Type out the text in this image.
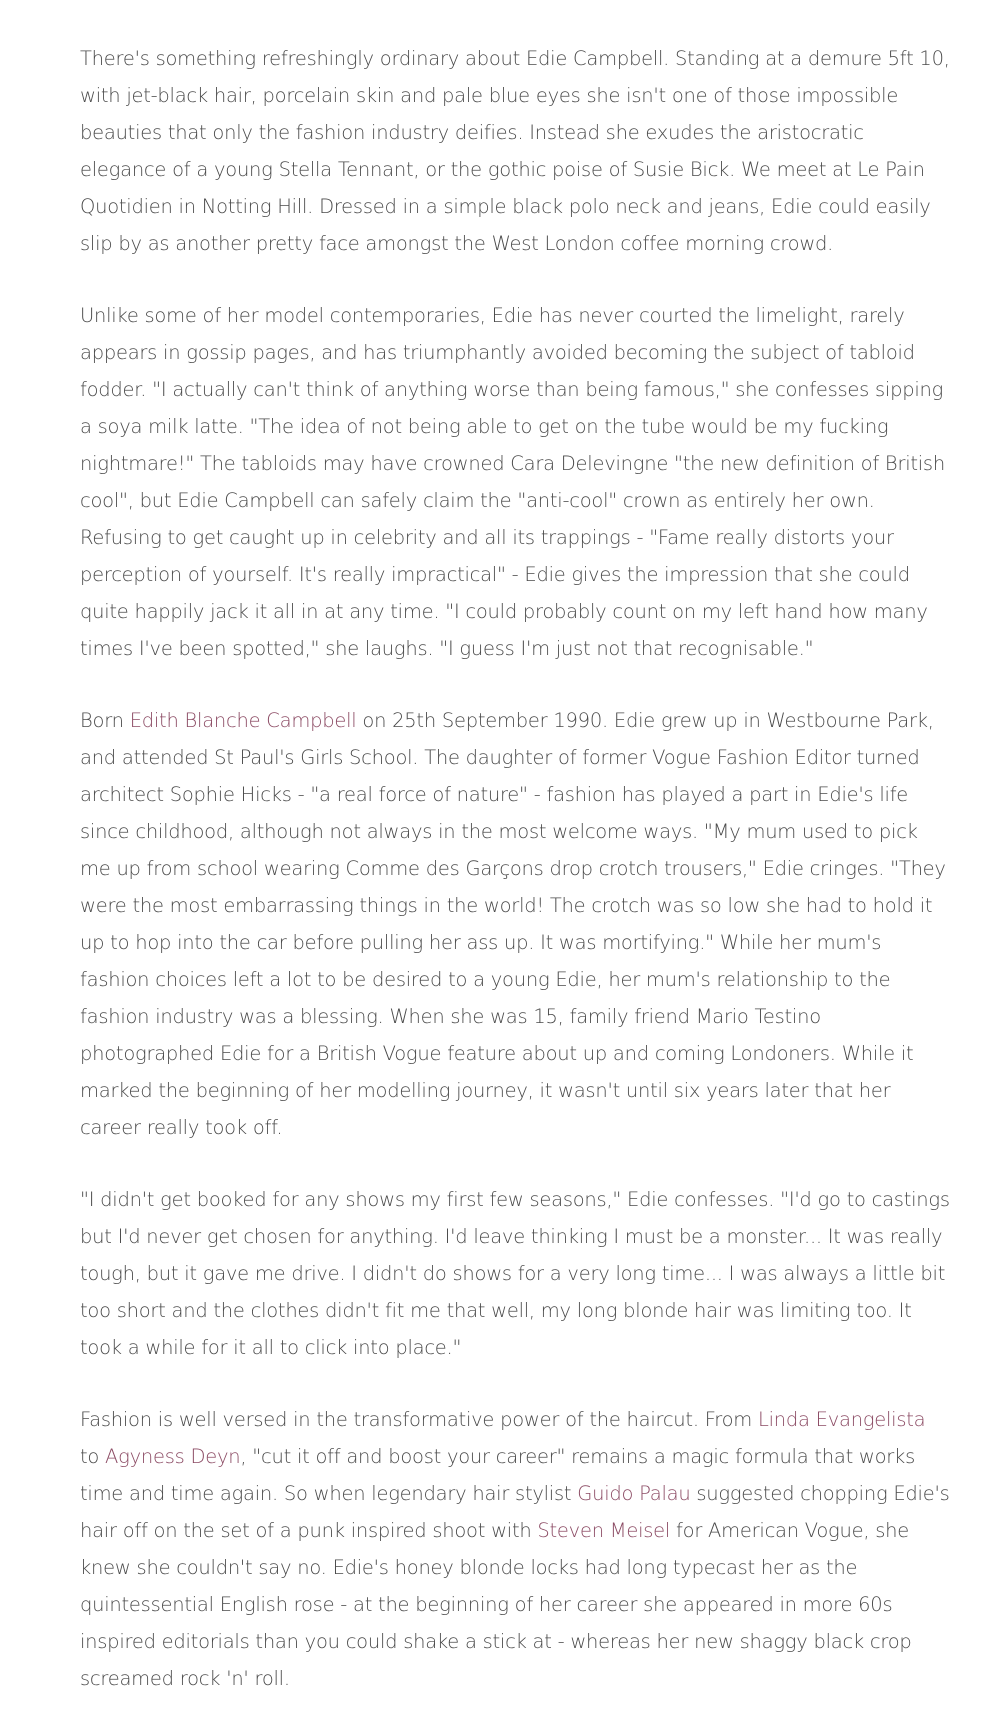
There's something refreshingly ordinary about Edie Campbell. Standing at a demure 5ft 10, with jet-black hair, porcelain skin and pale blue eyes she isn't one of those impossible beauties that only the fashion industry deifies. Instead she exudes the aristocratic elegance of a young Stella Tennant, or the gothic poise of Susie Bick. We meet at Le Pain Quotidien in Notting Hill. Dressed in a simple black polo neck and jeans, Edie could easily slip by as another pretty face amongst the West London coffee morning crowd.

Unlike some of her model contemporaries, Edie has never courted the limelight, rarely appears in gossip pages, and has triumphantly avoided becoming the subject of tabloid fodder. "I actually can't think of anything worse than being famous," she confesses sipping a soya milk latte. "The idea of not being able to get on the tube would be my fucking nightmare!" The tabloids may have crowned Cara Delevingne "the new definition of British cool", but Edie Campbell can safely claim the "anti-cool" crown as entirely her own. Refusing to get caught up in celebrity and all its trappings - "Fame really distorts your perception of yourself. It's really impractical" - Edie gives the impression that she could quite happily jack it all in at any time. "I could probably count on my left hand how many times I've been spotted," she laughs. "I guess I'm just not that recognisable."

Born Edith Blanche Campbell on 25th September 1990. Edie grew up in Westbourne Park, and attended St Paul's Girls School. The daughter of former Vogue Fashion Editor turned architect Sophie Hicks - "a real force of nature" - fashion has played a part in Edie's life since childhood, although not always in the most welcome ways. "My mum used to pick me up from school wearing Comme des Garçons drop crotch trousers," Edie cringes. "They were the most embarrassing things in the world! The crotch was so low she had to hold it up to hop into the car before pulling her ass up. It was mortifying." While her mum's fashion choices left a lot to be desired to a young Edie, her mum's relationship to the fashion industry was a blessing. When she was 15, family friend Mario Testino photographed Edie for a British Vogue feature about up and coming Londoners. While it marked the beginning of her modelling journey, it wasn't until six years later that her career really took off.

"I didn't get booked for any shows my first few seasons," Edie confesses. "I'd go to castings but I'd never get chosen for anything. I'd leave thinking I must be a monster... It was really tough, but it gave me drive. I didn't do shows for a very long time... I was always a little bit too short and the clothes didn't fit me that well, my long blonde hair was limiting too. It took a while for it all to click into place."

Fashion is well versed in the transformative power of the haircut. From Linda Evangelista to Agyness Deyn, "cut it off and boost your career" remains a magic formula that works time and time again. So when legendary hair stylist Guido Palau suggested chopping Edie's hair off on the set of a punk inspired shoot with Steven Meisel for American Vogue, she knew she couldn't say no. Edie's honey blonde locks had long typecast her as the quintessential English rose - at the beginning of her career she appeared in more 60s inspired editorials than you could shake a stick at - whereas her new shaggy black crop screamed rock 'n' roll.
